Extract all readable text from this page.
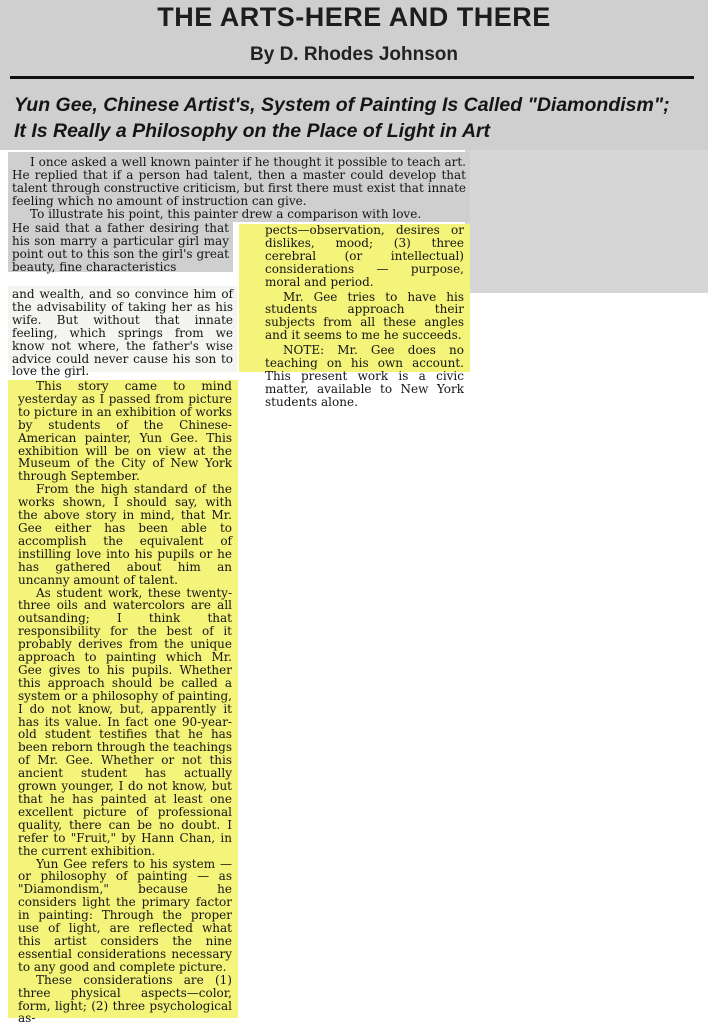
THE ARTS-HERE AND THERE
By D. Rhodes Johnson
Yun Gee, Chinese Artist's, System of Painting Is Called "Diamondism";
It Is Really a Philosophy on the Place of Light in Art

I once asked a well known painter if he thought it possible to teach art. He replied that if a person had talent, then a master could develop that talent through constructive criticism, but first there must exist that innate feeling which no amount of instruction can give.

To illustrate his point, this painter drew a comparison with love.

He said that a father desiring that his son marry a particular girl may point out to this son the girl's great beauty, fine characteristics

and wealth, and so convince him of the advisability of taking her as his wife. But without that innate feeling, which springs from we know not where, the father's wise advice could never cause his son to love the girl.

pects—observation, desires or dislikes, mood; (3) three cerebral (or intellectual) considerations — purpose, moral and period.

Mr. Gee tries to have his students approach their subjects from all these angles and it seems to me he succeeds.

NOTE: Mr. Gee does no teaching on his own account. This present work is a civic matter, available to New York students alone.

This story came to mind yesterday as I passed from picture to picture in an exhibition of works by students of the Chinese-American painter, Yun Gee. This exhibition will be on view at the Museum of the City of New York through September.

From the high standard of the works shown, I should say, with the above story in mind, that Mr. Gee either has been able to accomplish the equivalent of instilling love into his pupils or he has gathered about him an uncanny amount of talent.

As student work, these twenty-three oils and watercolors are all outsanding; I think that responsibility for the best of it probably derives from the unique approach to painting which Mr. Gee gives to his pupils. Whether this approach should be called a system or a philosophy of painting, I do not know, but, apparently it has its value. In fact one 90-year-old student testifies that he has been reborn through the teachings of Mr. Gee. Whether or not this ancient student has actually grown younger, I do not know, but that he has painted at least one excellent picture of professional quality, there can be no doubt. I refer to "Fruit," by Hann Chan, in the current exhibition.

Yun Gee refers to his system — or philosophy of painting — as "Diamondism," because he considers light the primary factor in painting: Through the proper use of light, are reflected what this artist considers the nine essential considerations necessary to any good and complete picture.

These considerations are (1) three physical aspects—color, form, light; (2) three psychological as-
